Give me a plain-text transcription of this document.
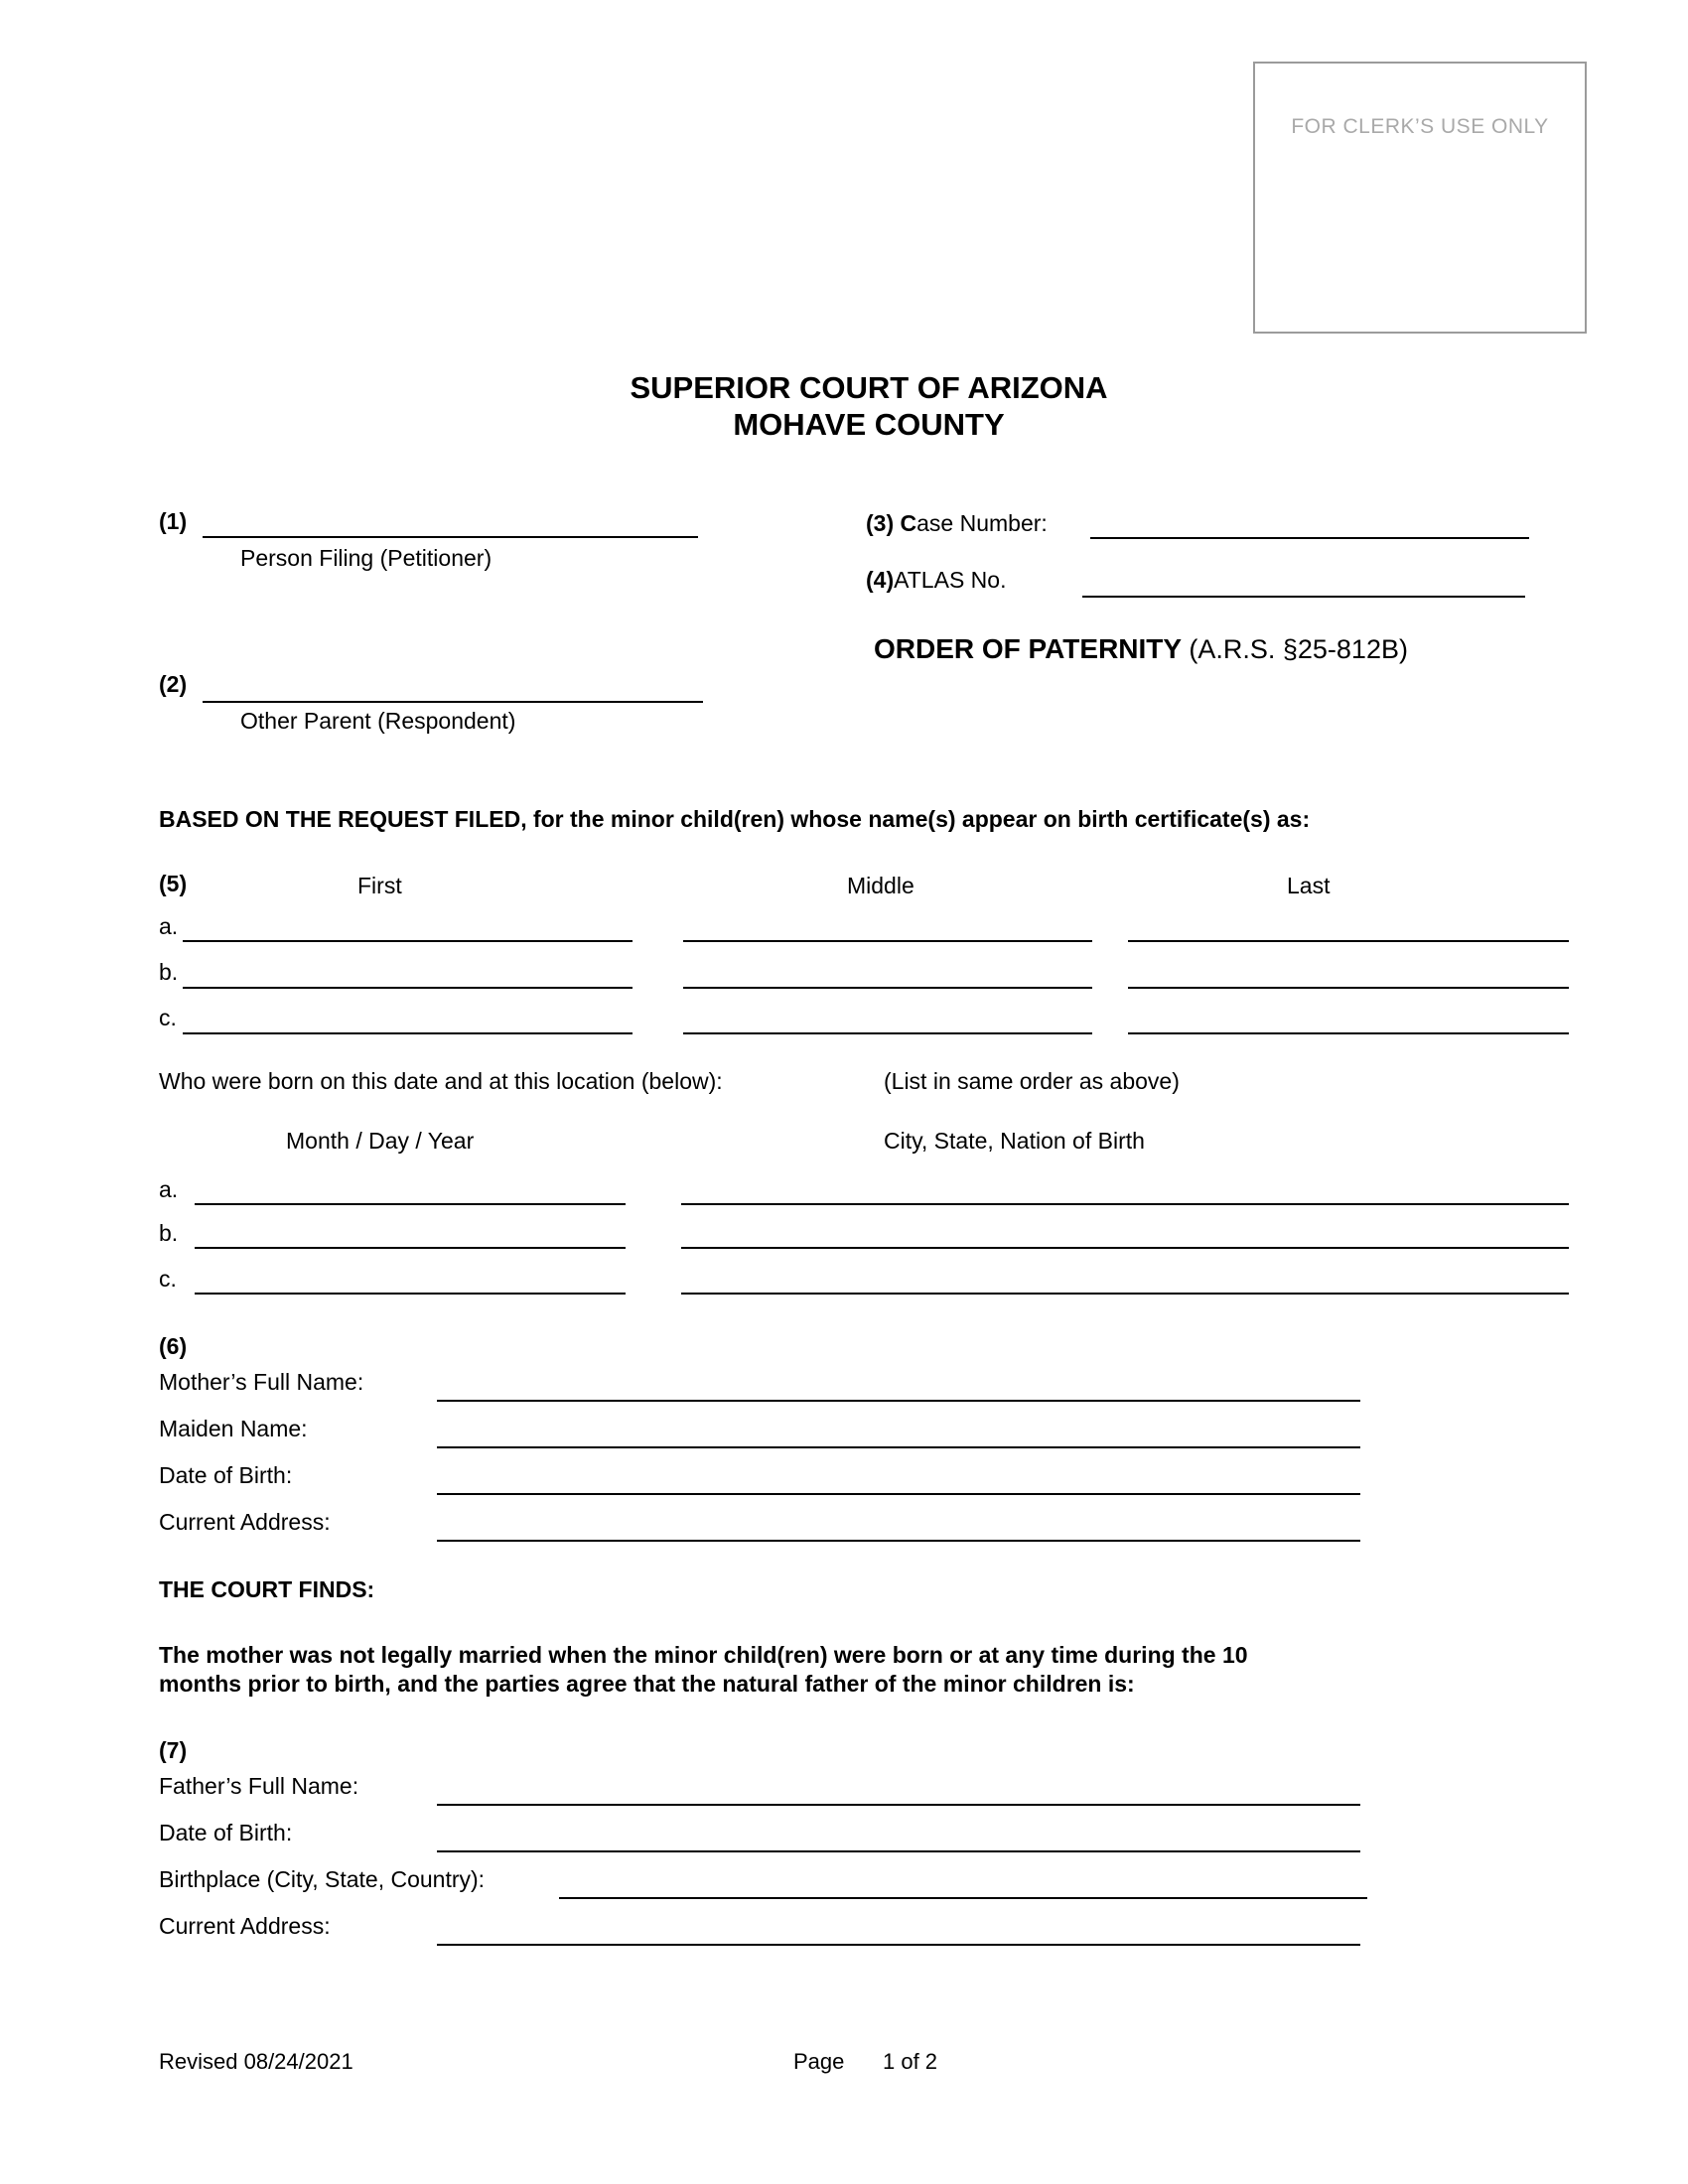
FOR CLERK’S USE ONLY
SUPERIOR COURT OF ARIZONA
MOHAVE COUNTY
(1)
Person Filing (Petitioner)
(3) Case Number:
(4)ATLAS No.
ORDER OF PATERNITY (A.R.S. §25-812B)
(2)
Other Parent (Respondent)
BASED ON THE REQUEST FILED, for the minor child(ren) whose name(s) appear on birth certificate(s) as:
(5)	First	Middle	Last
a.
b.
c.
Who were born on this date and at this location (below):	(List in same order as above)
Month / Day / Year	City, State, Nation of Birth
a.
b.
c.
(6)
Mother’s Full Name:
Maiden Name:
Date of Birth:
Current Address:
THE COURT FINDS:
The mother was not legally married when the minor child(ren) were born or at any time during the 10
months prior to birth, and the parties agree that the natural father of the minor children is:
(7)
Father’s Full Name:
Date of Birth:
Birthplace (City, State, Country):
Current Address:
Revised 08/24/2021	Page 1 of 2
